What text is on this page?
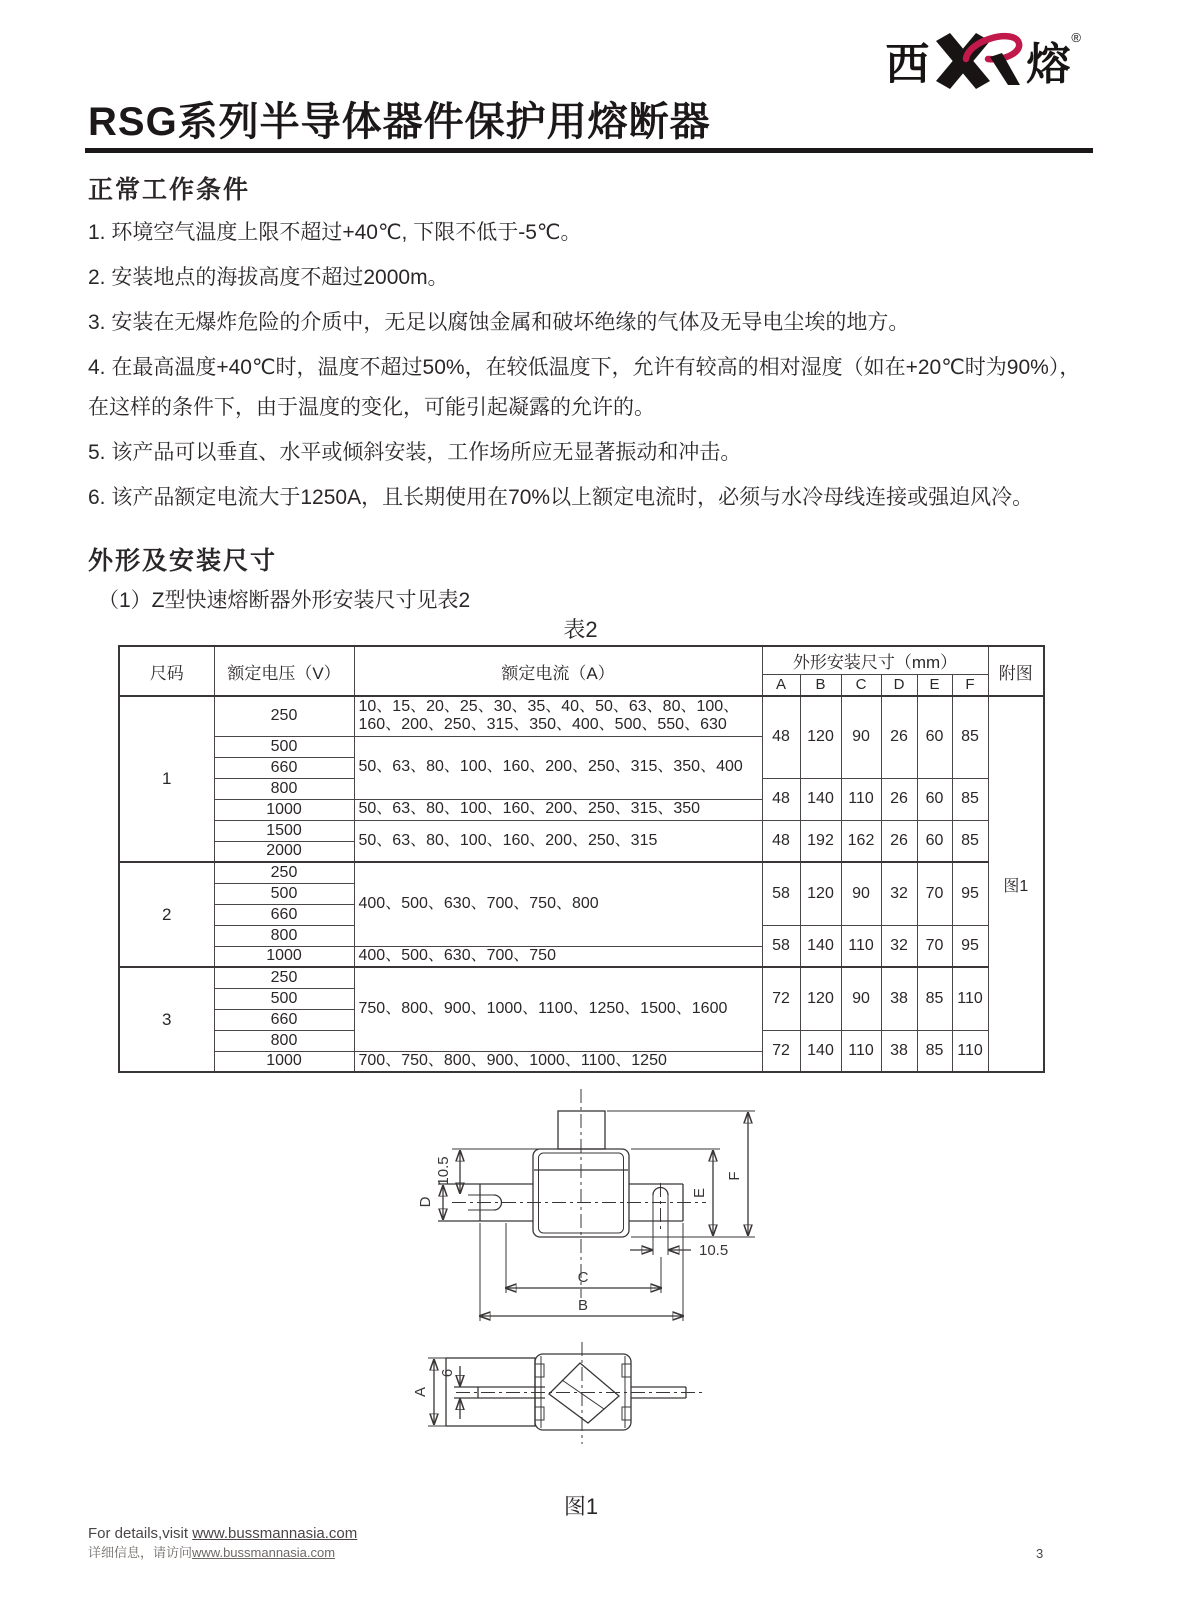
西 熔
®
RSG系列半导体器件保护用熔断器
正常工作条件

1. 环境空气温度上限不超过+40℃, 下限不低于-5℃。

2. 安装地点的海拔高度不超过2000m。

3. 安装在无爆炸危险的介质中，无足以腐蚀金属和破坏绝缘的气体及无导电尘埃的地方。

4. 在最高温度+40℃时，温度不超过50%，在较低温度下，允许有较高的相对湿度（如在+20℃时为90%），在这样的条件下，由于温度的变化，可能引起凝露的允许的。

5. 该产品可以垂直、水平或倾斜安装，工作场所应无显著振动和冲击。

6. 该产品额定电流大于1250A，且长期使用在70%以上额定电流时，必须与水冷母线连接或强迫风冷。

外形及安装尺寸

（1）Z型快速熔断器外形安装尺寸见表2

表2
尺码	额定电压（V）	额定电流（A）	外形安装尺寸（mm）						附图
			A	B	C	D	E	F	
1	250	10、15、20、25、30、35、40、50、63、80、100、160、200、250、315、350、400、500、550、630	48	120	90	26	60	85	图1
	500	50、63、80、100、160、200、250、315、350、400							
	660								
	800		48	140	110	26	60	85	
	1000	50、63、80、100、160、200、250、315、350							
	1500	50、63、80、100、160、200、250、315	48	192	162	26	60	85	
	2000								
2	250	400、500、630、700、750、800	58	120	90	32	70	95	
	500								
	660								
	800		58	140	110	32	70	95	
	1000	400、500、630、700、750							
3	250	750、800、900、1000、1100、1250、1500、1600	72	120	90	38	85	110	
	500								
	660								
	800		72	140	110	38	85	110	
	1000	700、750、800、900、1000、1100、1250							
D
10.5
E
F
10.5
C
B
A
6
图1
For details,visit www.bussmannasia.com
详细信息，请访问www.bussmannasia.com	3
